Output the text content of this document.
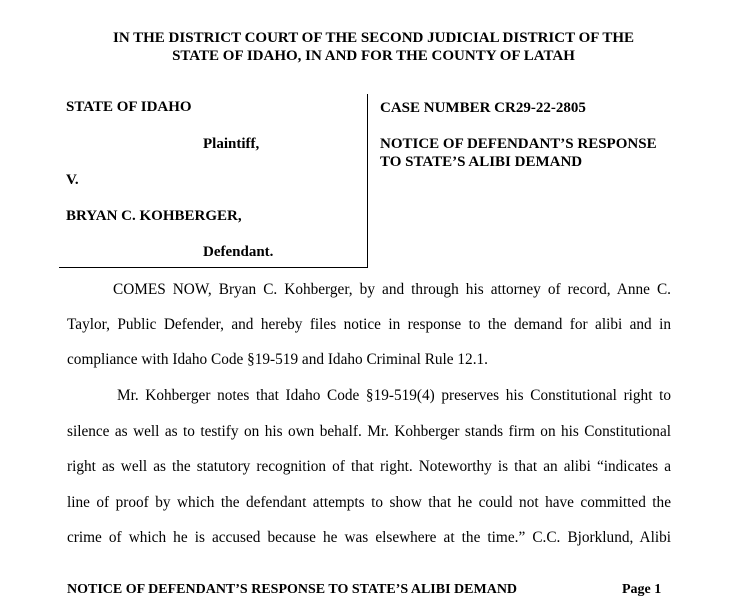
IN THE DISTRICT COURT OF THE SECOND JUDICIAL DISTRICT OF THE
STATE OF IDAHO, IN AND FOR THE COUNTY OF LATAH
STATE OF IDAHO
Plaintiff,
V.
BRYAN C. KOHBERGER,
Defendant.
CASE NUMBER CR29-22-2805
NOTICE OF DEFENDANT’S RESPONSE
TO STATE’S ALIBI DEMAND
COMES NOW, Bryan C. Kohberger, by and through his attorney of record, Anne C.
Taylor, Public Defender, and hereby files notice in response to the demand for alibi and in
compliance with Idaho Code §19-519 and Idaho Criminal Rule 12.1.
Mr. Kohberger notes that Idaho Code §19-519(4) preserves his Constitutional right to
silence as well as to testify on his own behalf. Mr. Kohberger stands firm on his Constitutional
right as well as the statutory recognition of that right. Noteworthy is that an alibi “indicates a
line of proof by which the defendant attempts to show that he could not have committed the
crime of which he is accused because he was elsewhere at the time.” C.C. Bjorklund, Alibi
NOTICE OF DEFENDANT’S RESPONSE TO STATE’S ALIBI DEMAND	Page 1
